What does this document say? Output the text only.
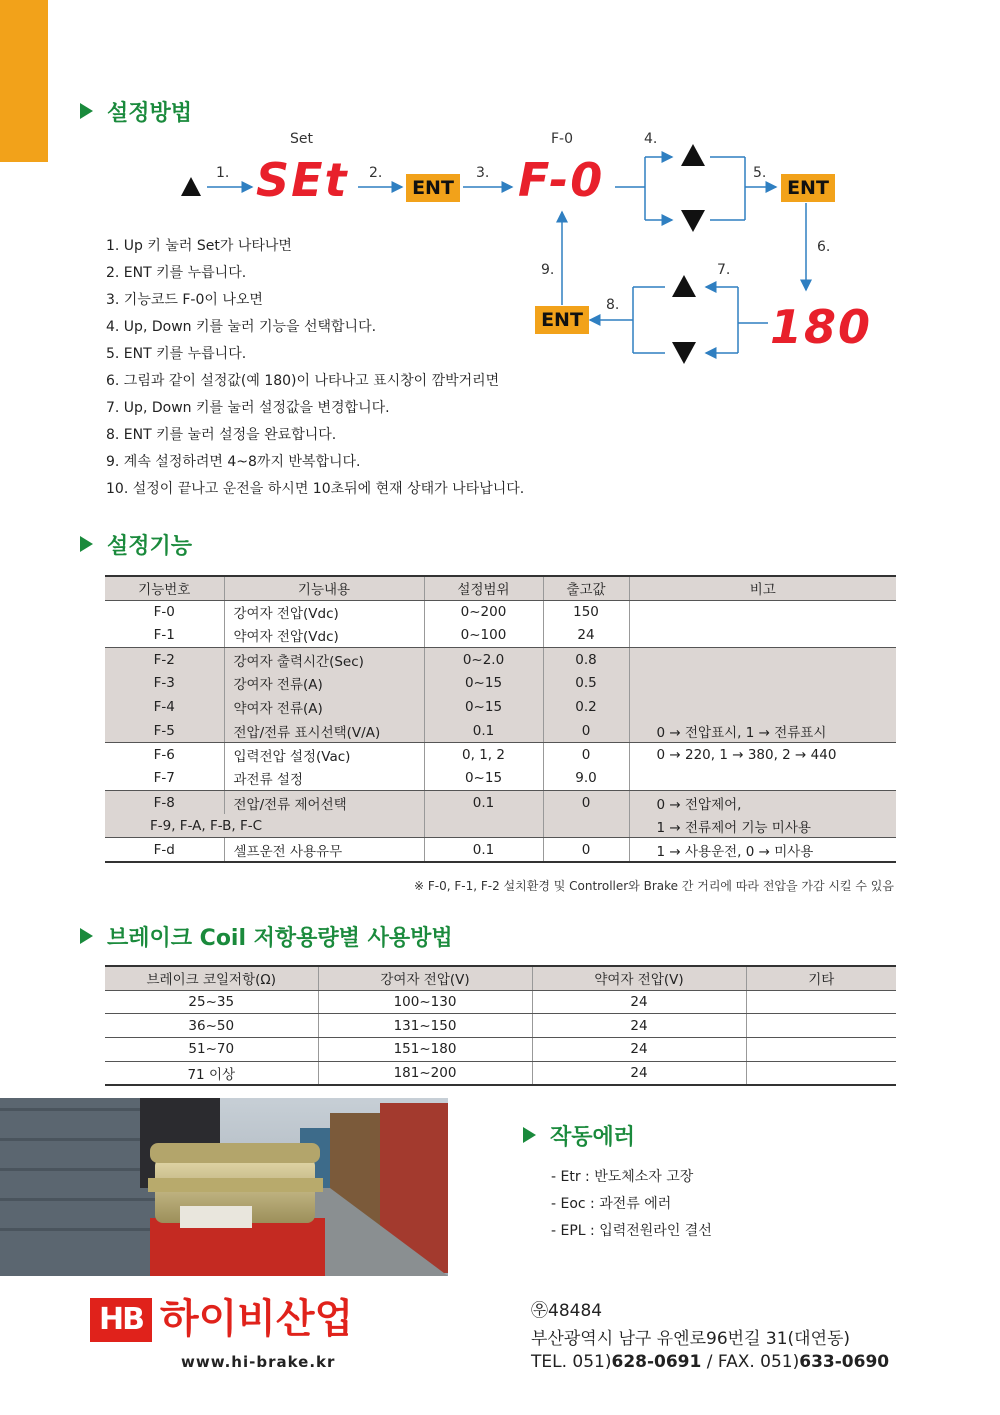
설정방법
Set	F-0
1.	2.	3.
4.
5.
6.
7.
8.
9.
SEt	F-0
180
ENT	ENT
ENT
1. Up 키 눌러 Set가 나타나면
2. ENT 키를 누릅니다.
3. 기능코드 F-0이 나오면
4. Up, Down 키를 눌러 기능을 선택합니다.
5. ENT 키를 누릅니다.
6. 그림과 같이 설정값(예 180)이 나타나고 표시창이 깜박거리면
7. Up, Down 키를 눌러 설정값을 변경합니다.
8. ENT 키를 눌러 설정을 완료합니다.
9. 계속 설정하려면 4~8까지 반복합니다.
10. 설정이 끝나고 운전을 하시면 10초뒤에 현재 상태가 나타납니다.
설정기능
기능번호	기능내용	설정범위	출고값	비고
F-0	강여자 전압(Vdc)	0~200	150	
F-1	약여자 전압(Vdc)	0~100	24	
F-2	강여자 출력시간(Sec)	0~2.0	0.8	
F-3	강여자 전류(A)	0~15	0.5	
F-4	약여자 전류(A)	0~15	0.2	
F-5	전압/전류 표시선택(V/A)	0.1	0	0 → 전압표시, 1 → 전류표시
F-6	입력전압 설정(Vac)	0, 1, 2	0	0 → 220, 1 → 380, 2 → 440
F-7	과전류 설정	0~15	9.0	
F-8	전압/전류 제어선택	0.1	0	0 → 전압제어,
F-9, F-A, F-B, F-C				1 → 전류제어 기능 미사용
F-d	셀프운전 사용유무	0.1	0	1 → 사용운전, 0 → 미사용
※ F-0, F-1, F-2 설치환경 및 Controller와 Brake 간 거리에 따라 전압을 가감 시킬 수 있음
브레이크 Coil 저항용량별 사용방법
브레이크 코일저항(Ω)	강여자 전압(V)	약여자 전압(V)	기타
25~35	100~130	24	
36~50	131~150	24	
51~70	151~180	24	
71 이상	181~200	24	
작동에러
- Etr : 반도체소자 고장
- Eoc : 과전류 에러
- EPL : 입력전원라인 결선
HB 하이비산업
www.hi-brake.kr
㉾48484
부산광역시 남구 유엔로96번길 31(대연동)
TEL. 051)628-0691 / FAX. 051)633-0690
